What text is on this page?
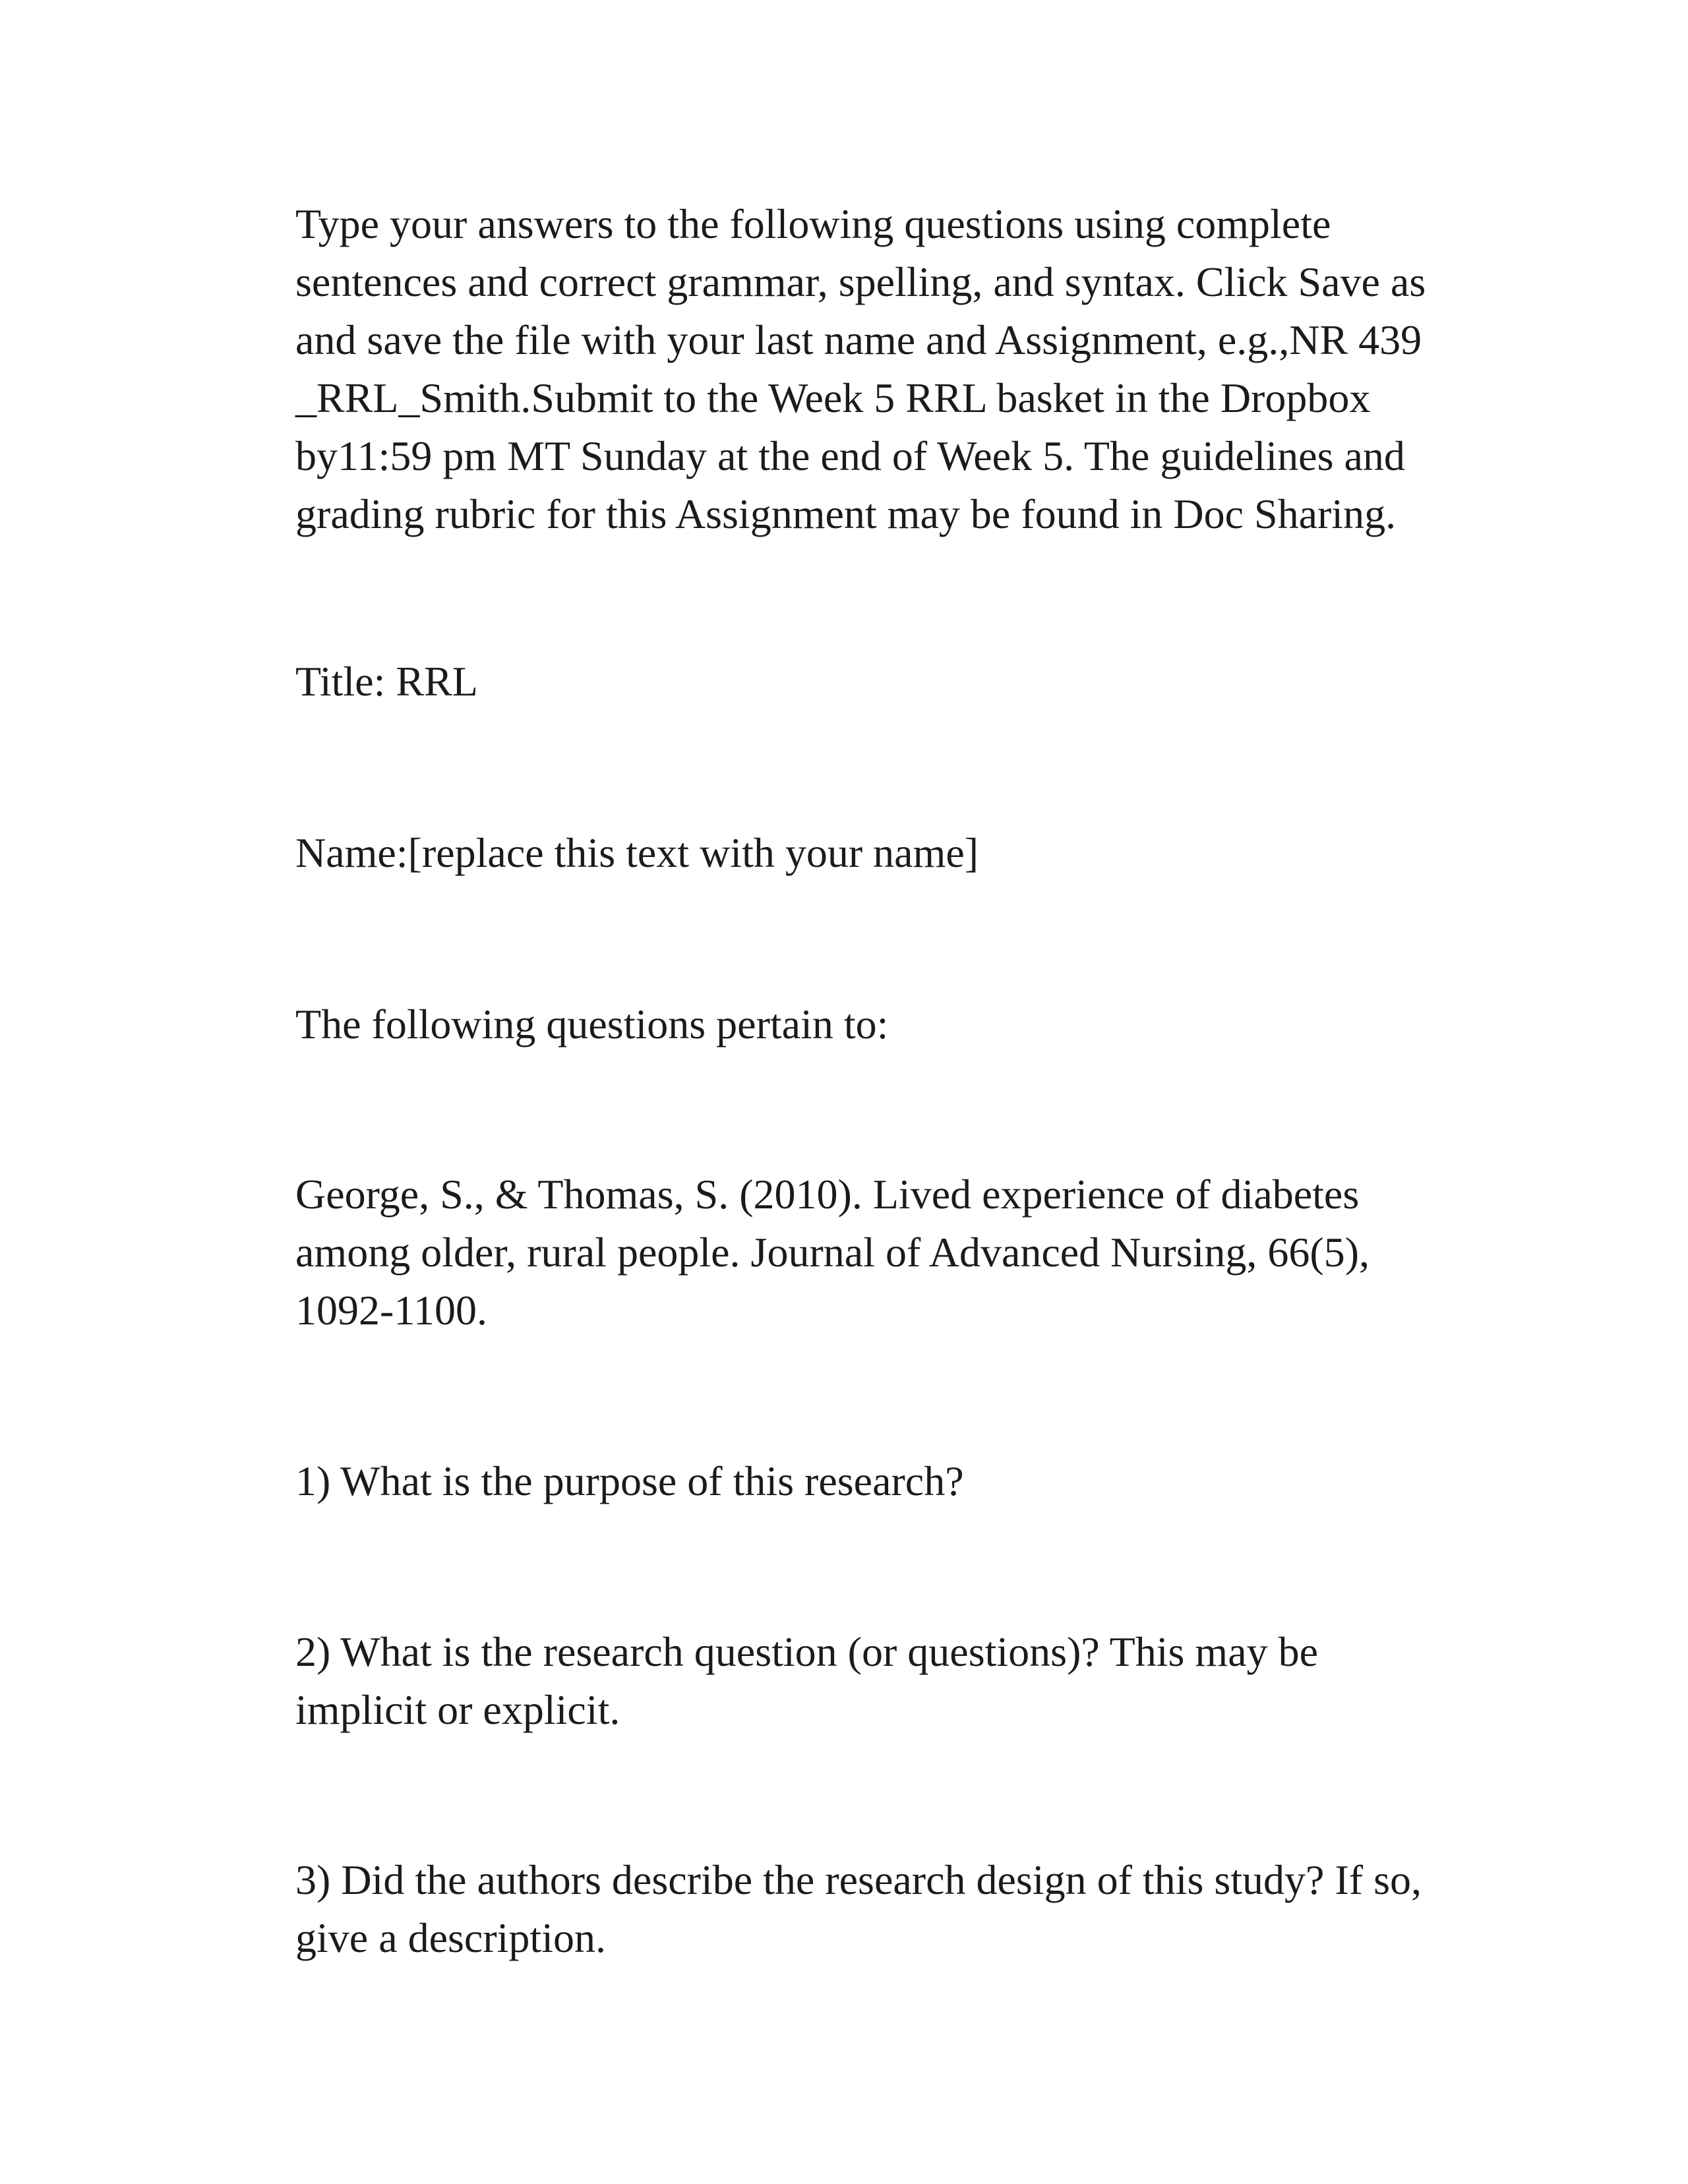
Type your answers to the following questions using complete
sentences and correct grammar, spelling, and syntax. Click Save as
and save the file with your last name and Assignment, e.g.,NR 439
_RRL_Smith.Submit to the Week 5 RRL basket in the Dropbox
by11:59 pm MT Sunday at the end of Week 5. The guidelines and
grading rubric for this Assignment may be found in Doc Sharing.
Title: RRL
Name:[replace this text with your name]
The following questions pertain to:
George, S., & Thomas, S. (2010). Lived experience of diabetes
among older, rural people. Journal of Advanced Nursing, 66(5),
1092-1100.
1) What is the purpose of this research?
2) What is the research question (or questions)? This may be
implicit or explicit.
3) Did the authors describe the research design of this study? If so,
give a description.
